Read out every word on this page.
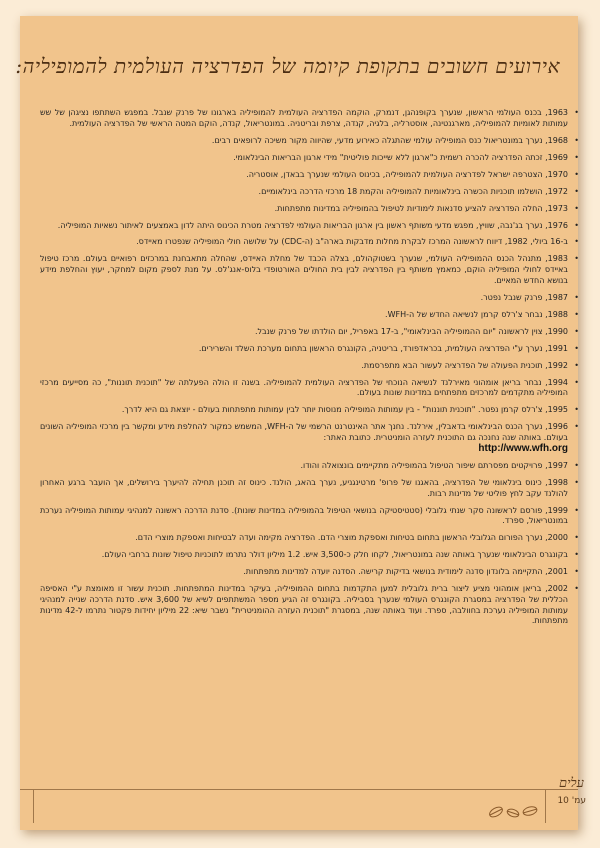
אירועים חשובים בתקופת קיומה של הפדרציה העולמית להמופיליה:
• 1963, בכנס העולמי הראשון, שנערך בקופנהגן, דנמרק, הוקמה הפדרציה העולמית להמופיליה בארגונו של פרנק שנבל. במפגש השתתפו נציגהן של שש עמותות לאומיות להמופיליה, מארגנטינה, אוסטרליה, בלגיה, קנדה, צרפת ובריטניה. במונטריאול, קנדה, הוקם המטה הראשי של הפדרציה העולמית.
• 1968, נערך במונטריאול כנס המופיליה עולמי שהתגלה כאירוע מדעי, שהיווה מקור משיכה לרופאים רבים.
• 1969, זכתה הפדרציה להכרה רשמית כ"ארגון ללא שייכות פוליטית" מידי ארגון הבריאות הבינלאומי.
• 1970, הצטרפה ישראל לפדרציה העולמית להמופיליה, בכינוס העולמי שנערך בבאדן, אוסטריה.
• 1972, הושלמו תוכניות הכשרה בינלאומיות להמופיליה והקמת 18 מרכזי הדרכה בינלאומיים.
• 1973, החלה הפדרציה להציע סדנאות לימודיות לטיפול בהמופיליה במדינות מתפתחות.
• 1976, נערך בג'נבה, שוויץ, מפגש מדעי משותף ראשון בין ארגון הבריאות העולמי לפדרציה מטרת הכינוס היתה לדון באמצעים לאיתור נשאיות המופיליה.
• ב-16 ביולי, 1982, דיווח לראשונה המרכז לבקרת מחלות מדבקות בארה"ב (ה-CDC) על שלושה חולי המופיליה שנפטרו מאיידס.
• 1983, מתנהל הכנס ההמופיליה העולמי, שנערך בשטוקהולם, בצלה הכבד של מחלת האיידס, שהחלה מתאבחנת במרכזים רפואיים בעולם. מרכז טיפול באיידס לחולי המופיליה הוקם, כמאמץ משותף בין הפדרציה לבין בית החולים האורטופדי בלוס-אנג'לס. על מנת לספק מקום למחקר, יעוץ והחלפת מידע בנושא החדש המאיים.
• 1987, פרנק שנבל נפטר.
• 1988, נבחר צ'רלס קרמן לנשיאה החדש של ה-WFH.
• 1990, צוין לראשונה "יום ההמופיליה הבינלאומי", ב-17 באפריל, יום הולדתו של פרנק שנבל.
• 1991, נערך ע"י הפדרציה העולמית, בכראדפורד, בריטניה, הקונגרס הראשון בתחום מערכת השלד והשרירים.
• 1992, תוכנית הפעולה של הפדרציה לעשור הבא מתפרסמת.
• 1994, נבחר בריאן אומהוני מאירלנד לנשיאה הנוכחי של הפדרציה העולמית להמופיליה. בשנה זו הולה הפעלתה של "תוכנית תוננות", כה מסייעים מרכזי המופיליה מתקדמים למרכזים מתפתחים במדינות שונות בעולם.
• 1995, צ'רלס קרמן נפטר. "תוכנית תוננות" - בין עמותות המופיליה מנוסות יותר לבין עמותות מתפתחות בעולם - יוצאת גם היא לדרך.
• 1996, נערך הכנס הבינלאומי בדאבלין, אירלנד. נחנך אתר האינטרנט הרשמי של ה-WFH, המשמש כמקור להחלפת מידע ומקשר בין מרכזי המופיליה השונים בעולם. באותה שנה נחנכה גם התוכנית לעזרה הומניטרית. כתובת האתר:
http://www.wfh.org
• 1997, פרויקטים מפסרתם שיפור הטיפול בהמופיליה מתקיימים בונצואלה והודו.
• 1998, כינוס בינלאומי של הפדרציה, בהאגנו של פרופ' מרטינגניע, נערך בהאג, הולנד. כינוס זה תוכנן תחילה להיערך בירושלים, אך הועבר ברגע האחרון להולנד עקב לחץ פוליטי של מדינות רבות.
• 1999, פורסם לראשונה סקר שנתי גלובלי (סטטיסטיקה בנושאי הטיפול בהמופיליה במדינות שונות). סדנת הדרכה ראשונה למנהיגי עמותות המופיליה נערכת במונטריאול, ספרד.
• 2000, נערך הפורום הגלובלי הראשון בתחום בטיחות ואספקת מוצרי הדם. הפדרציה מקימה ועדה לבטיחות ואספקת מוצרי הדם.
• בקונגרס הבינלאומי שנערך באותה שנה במונטריאול, לקחו חלק כ-3,500 איש. 1.2 מיליון דולר נתרמו לתוכניות טיפול שונות ברחבי העולם.
• 2001, התקיימה בלונדון סדנה לימודית בנושאי בדיקות קרישה. הסדנה יועדה למדינות מתפתחות.
• 2002, בריאן אומהוני מציע ליצור ברית גלובלית למען התקדמות בתחום ההמופיליה, בעיקר במדינות המתפתחות. תוכנית עשור זו מאומצת ע"י האסיפה הכללית של הפדרציה במסגרת הקונגרס העולמי שנערך בסביליה. בקונגרס זה הגיע מספר המשתתפים לשיא של 3,600 איש. סדנת הדרכה שנייה למנהיגי עמותות המופיליה נערכת בחוולבה, ספרד. ועוד באותה שנה, במסגרת "תוכנית העזרה ההומניטרית" נשבר שיא: 22 מיליון יחידות פקטור נתרמו ל-42 מדינות מתפתחות.
עלים
עמ' 10
